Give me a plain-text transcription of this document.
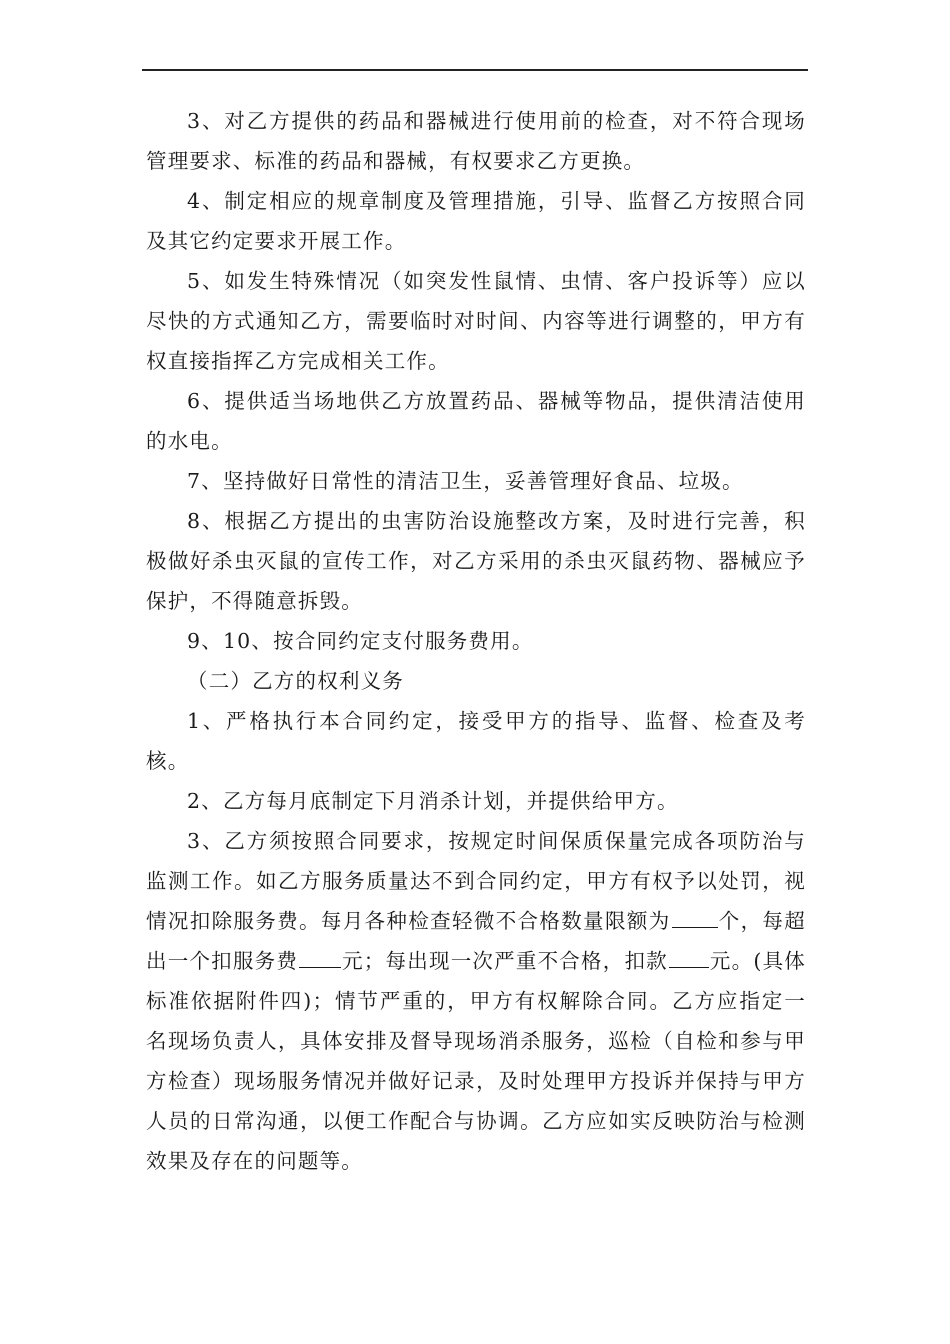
3、对乙方提供的药品和器械进行使用前的检查，对不符合现场管理要求、标准的药品和器械，有权要求乙方更换。

4、制定相应的规章制度及管理措施，引导、监督乙方按照合同及其它约定要求开展工作。

5、如发生特殊情况（如突发性鼠情、虫情、客户投诉等）应以尽快的方式通知乙方，需要临时对时间、内容等进行调整的，甲方有权直接指挥乙方完成相关工作。

6、提供适当场地供乙方放置药品、器械等物品，提供清洁使用的水电。

7、坚持做好日常性的清洁卫生，妥善管理好食品、垃圾。

8、根据乙方提出的虫害防治设施整改方案，及时进行完善，积极做好杀虫灭鼠的宣传工作，对乙方采用的杀虫灭鼠药物、器械应予保护，不得随意拆毁。

9、10、按合同约定支付服务费用。

（二）乙方的权利义务

1、严格执行本合同约定，接受甲方的指导、监督、检查及考核。

2、乙方每月底制定下月消杀计划，并提供给甲方。

3、乙方须按照合同要求，按规定时间保质保量完成各项防治与监测工作。如乙方服务质量达不到合同约定，甲方有权予以处罚，视情况扣除服务费。每月各种检查轻微不合格数量限额为 个，每超出一个扣服务费 元；每出现一次严重不合格，扣款 元。(具体标准依据附件四)；情节严重的，甲方有权解除合同。乙方应指定一名现场负责人，具体安排及督导现场消杀服务，巡检（自检和参与甲方检查）现场服务情况并做好记录，及时处理甲方投诉并保持与甲方人员的日常沟通，以便工作配合与协调。乙方应如实反映防治与检测效果及存在的问题等。
